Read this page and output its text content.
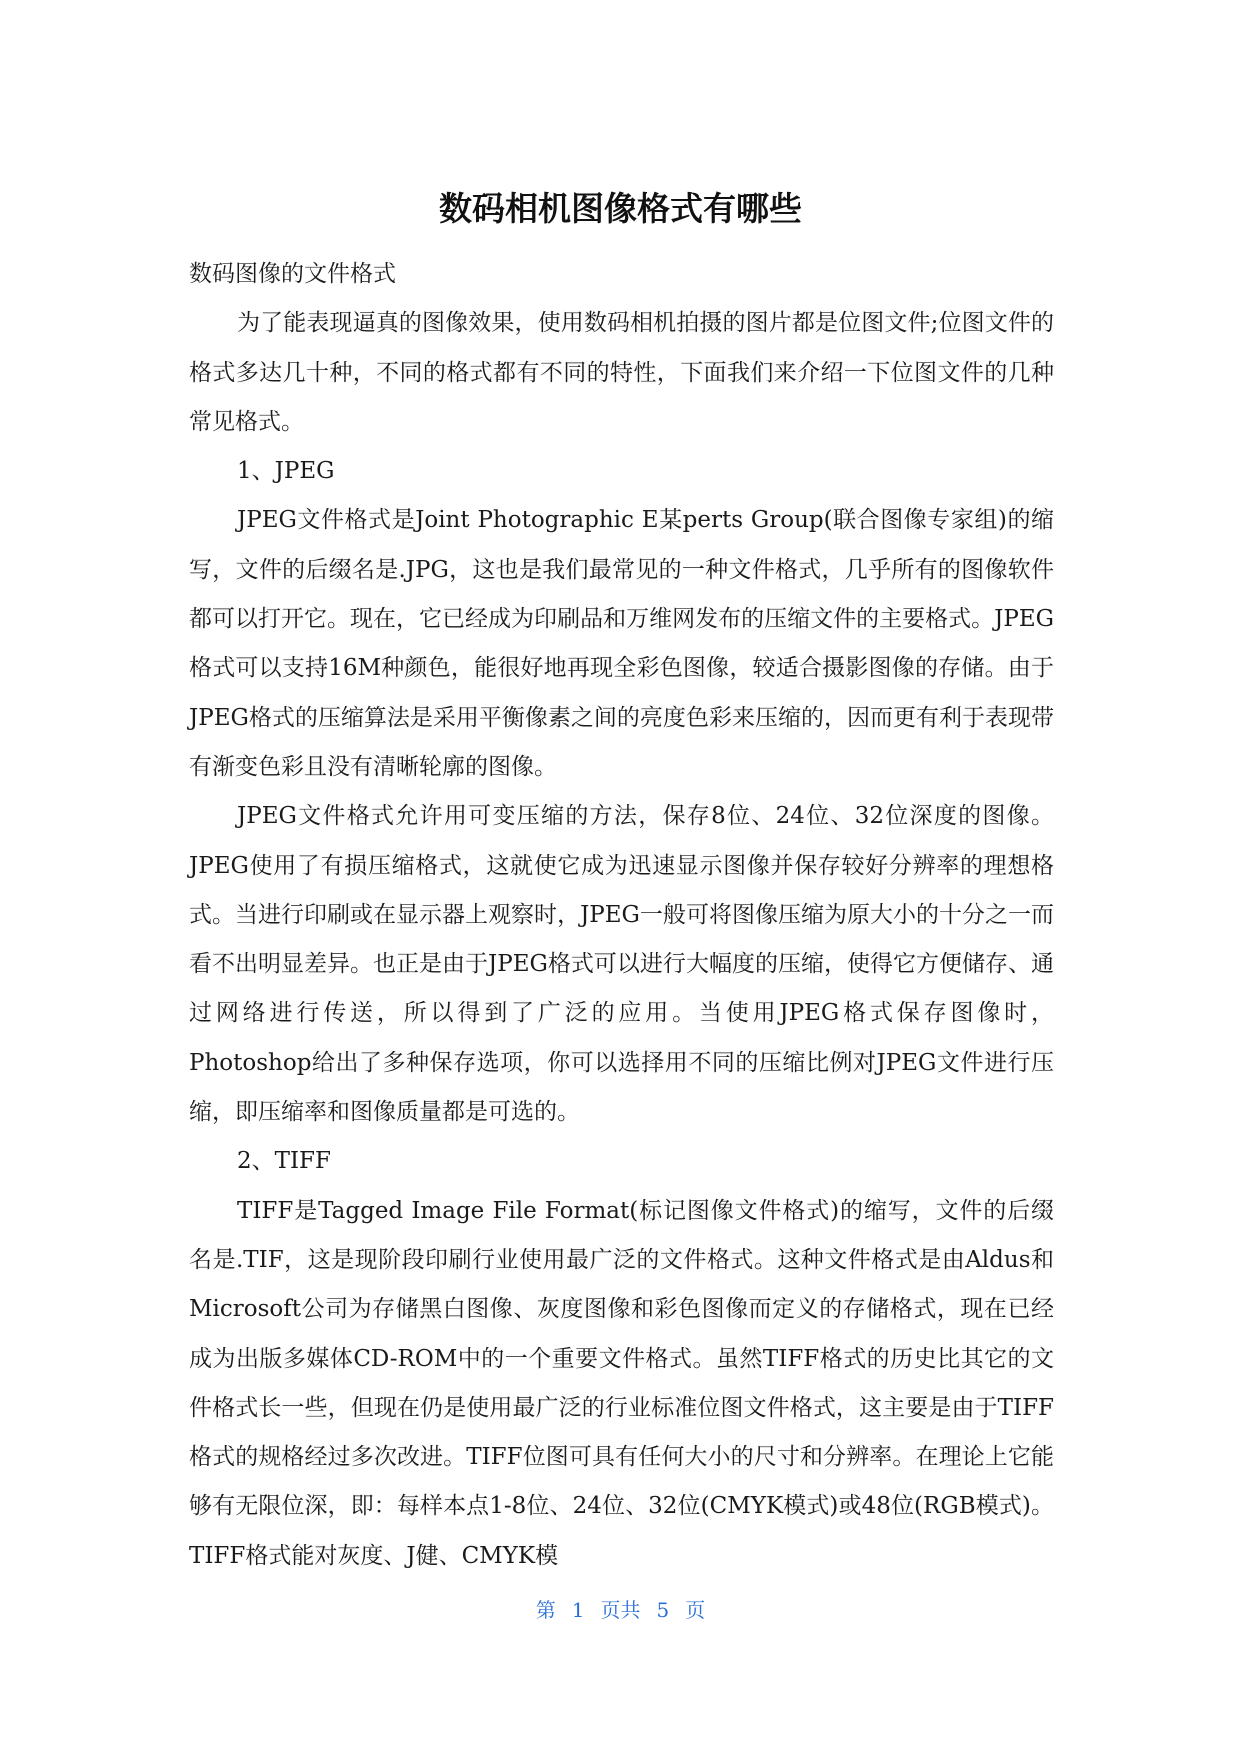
数码相机图像格式有哪些

数码图像的文件格式

为了能表现逼真的图像效果，使用数码相机拍摄的图片都是位图文件;位图文件的格式多达几十种，不同的格式都有不同的特性，下面我们来介绍一下位图文件的几种常见格式。

1、JPEG

JPEG文件格式是Joint Photographic E某perts Group(联合图像专家组)的缩写，文件的后缀名是.JPG，这也是我们最常见的一种文件格式，几乎所有的图像软件都可以打开它。现在，它已经成为印刷品和万维网发布的压缩文件的主要格式。JPEG格式可以支持16M种颜色，能很好地再现全彩色图像，较适合摄影图像的存储。由于JPEG格式的压缩算法是采用平衡像素之间的亮度色彩来压缩的，因而更有利于表现带有渐变色彩且没有清晰轮廓的图像。

JPEG文件格式允许用可变压缩的方法，保存8位、24位、32位深度的图像。JPEG使用了有损压缩格式，这就使它成为迅速显示图像并保存较好分辨率的理想格式。当进行印刷或在显示器上观察时，JPEG一般可将图像压缩为原大小的十分之一而看不出明显差异。也正是由于JPEG格式可以进行大幅度的压缩，使得它方便储存、通过网络进行传送，所以得到了广泛的应用。当使用JPEG格式保存图像时，Photoshop给出了多种保存选项，你可以选择用不同的压缩比例对JPEG文件进行压缩，即压缩率和图像质量都是可选的。

2、TIFF

TIFF是Tagged Image File Format(标记图像文件格式)的缩写，文件的后缀名是.TIF，这是现阶段印刷行业使用最广泛的文件格式。这种文件格式是由Aldus和Microsoft公司为存储黑白图像、灰度图像和彩色图像而定义的存储格式，现在已经成为出版多媒体CD-ROM中的一个重要文件格式。虽然TIFF格式的历史比其它的文件格式长一些，但现在仍是使用最广泛的行业标准位图文件格式，这主要是由于TIFF格式的规格经过多次改进。TIFF位图可具有任何大小的尺寸和分辨率。在理论上它能够有无限位深，即：每样本点1-8位、24位、32位(CMYK模式)或48位(RGB模式)。TIFF格式能对灰度、J健、CMYK模

第 1 页共 5 页
